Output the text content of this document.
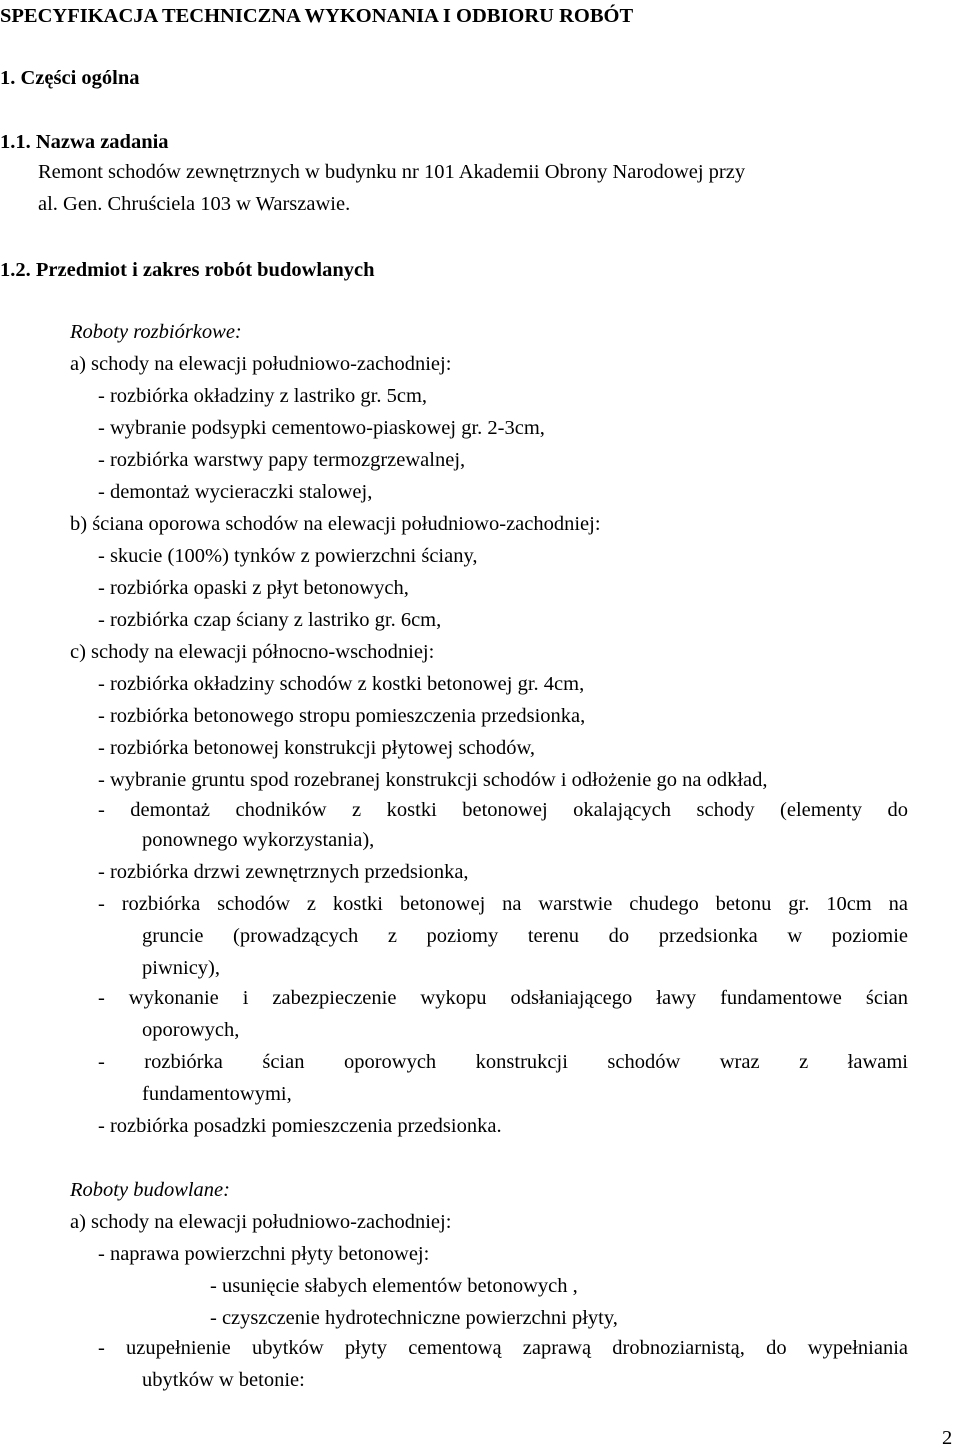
SPECYFIKACJA TECHNICZNA WYKONANIA I ODBIORU ROBÓT
1. Części ogólna
1.1. Nazwa zadania
Remont schodów zewnętrznych w budynku nr 101 Akademii Obrony Narodowej przy
al. Gen. Chruściela 103 w Warszawie.
1.2. Przedmiot i zakres robót budowlanych
Roboty rozbiórkowe:
a) schody na elewacji południowo-zachodniej:
- rozbiórka okładziny z lastriko gr. 5cm,
- wybranie podsypki cementowo-piaskowej gr. 2-3cm,
- rozbiórka warstwy papy termozgrzewalnej,
- demontaż wycieraczki stalowej,
b) ściana oporowa schodów na elewacji południowo-zachodniej:
- skucie (100%) tynków z powierzchni ściany,
- rozbiórka opaski z płyt betonowych,
- rozbiórka czap ściany z lastriko gr. 6cm,
c) schody na elewacji północno-wschodniej:
- rozbiórka okładziny schodów z kostki betonowej gr. 4cm,
- rozbiórka betonowego stropu pomieszczenia przedsionka,
- rozbiórka betonowej konstrukcji płytowej schodów,
- wybranie gruntu spod rozebranej konstrukcji schodów i odłożenie go na odkład,
- demontaż chodników z kostki betonowej okalających schody (elementy do
ponownego wykorzystania),
- rozbiórka drzwi zewnętrznych przedsionka,
- rozbiórka schodów z kostki betonowej na warstwie chudego betonu gr. 10cm na
gruncie (prowadzących z poziomy terenu do przedsionka w poziomie
piwnicy),
- wykonanie i zabezpieczenie wykopu odsłaniającego ławy fundamentowe ścian
oporowych,
- rozbiórka ścian oporowych konstrukcji schodów wraz z ławami
fundamentowymi,
- rozbiórka posadzki pomieszczenia przedsionka.
Roboty budowlane:
a) schody na elewacji południowo-zachodniej:
- naprawa powierzchni płyty betonowej:
- usunięcie słabych elementów betonowych ,
- czyszczenie hydrotechniczne powierzchni płyty,
- uzupełnienie ubytków płyty cementową zaprawą drobnoziarnistą, do wypełniania
ubytków w betonie:
2
